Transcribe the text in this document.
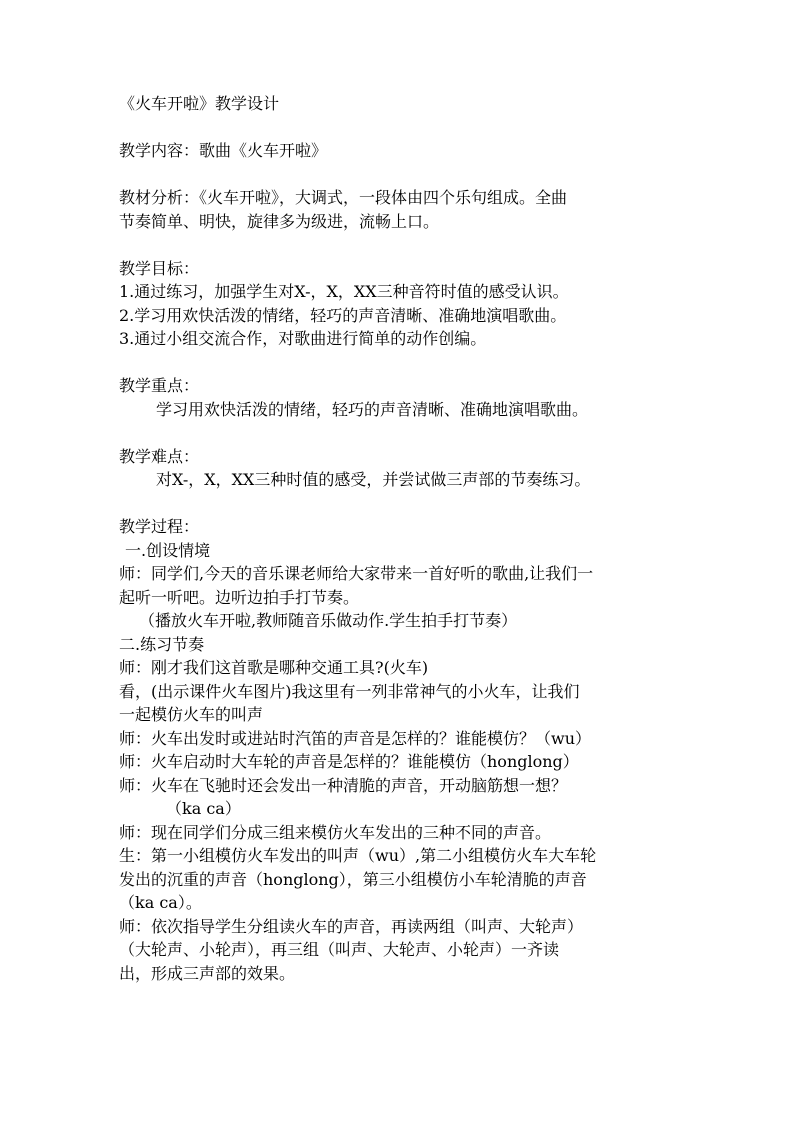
《火车开啦》教学设计

教学内容：歌曲《火车开啦》

教材分析：《火车开啦》，大调式，一段体由四个乐句组成。全曲

节奏简单、明快，旋律多为级进，流畅上口。

教学目标：

1.通过练习，加强学生对X-，X，XX三种音符时值的感受认识。

2.学习用欢快活泼的情绪，轻巧的声音清晰、准确地演唱歌曲。

3.通过小组交流合作，对歌曲进行简单的动作创编。

教学重点：

学习用欢快活泼的情绪，轻巧的声音清晰、准确地演唱歌曲。

教学难点：

对X-，X，XX三种时值的感受，并尝试做三声部的节奏练习。

教学过程：

一.创设情境

师：同学们,今天的音乐课老师给大家带来一首好听的歌曲,让我们一

起听一听吧。边听边拍手打节奏。

（播放火车开啦,教师随音乐做动作.学生拍手打节奏）

二.练习节奏

师：刚才我们这首歌是哪种交通工具?(火车)

看，(出示课件火车图片)我这里有一列非常神气的小火车，让我们

一起模仿火车的叫声

师：火车出发时或进站时汽笛的声音是怎样的？谁能模仿？（wu）

师：火车启动时大车轮的声音是怎样的？谁能模仿（honglong）

师：火车在飞驰时还会发出一种清脆的声音，开动脑筋想一想？

（ka ca）

师：现在同学们分成三组来模仿火车发出的三种不同的声音。

生：第一小组模仿火车发出的叫声（wu）,第二小组模仿火车大车轮

发出的沉重的声音（honglong），第三小组模仿小车轮清脆的声音

（ka ca）。

师：依次指导学生分组读火车的声音，再读两组（叫声、大轮声）

（大轮声、小轮声），再三组（叫声、大轮声、小轮声）一齐读

出，形成三声部的效果。
